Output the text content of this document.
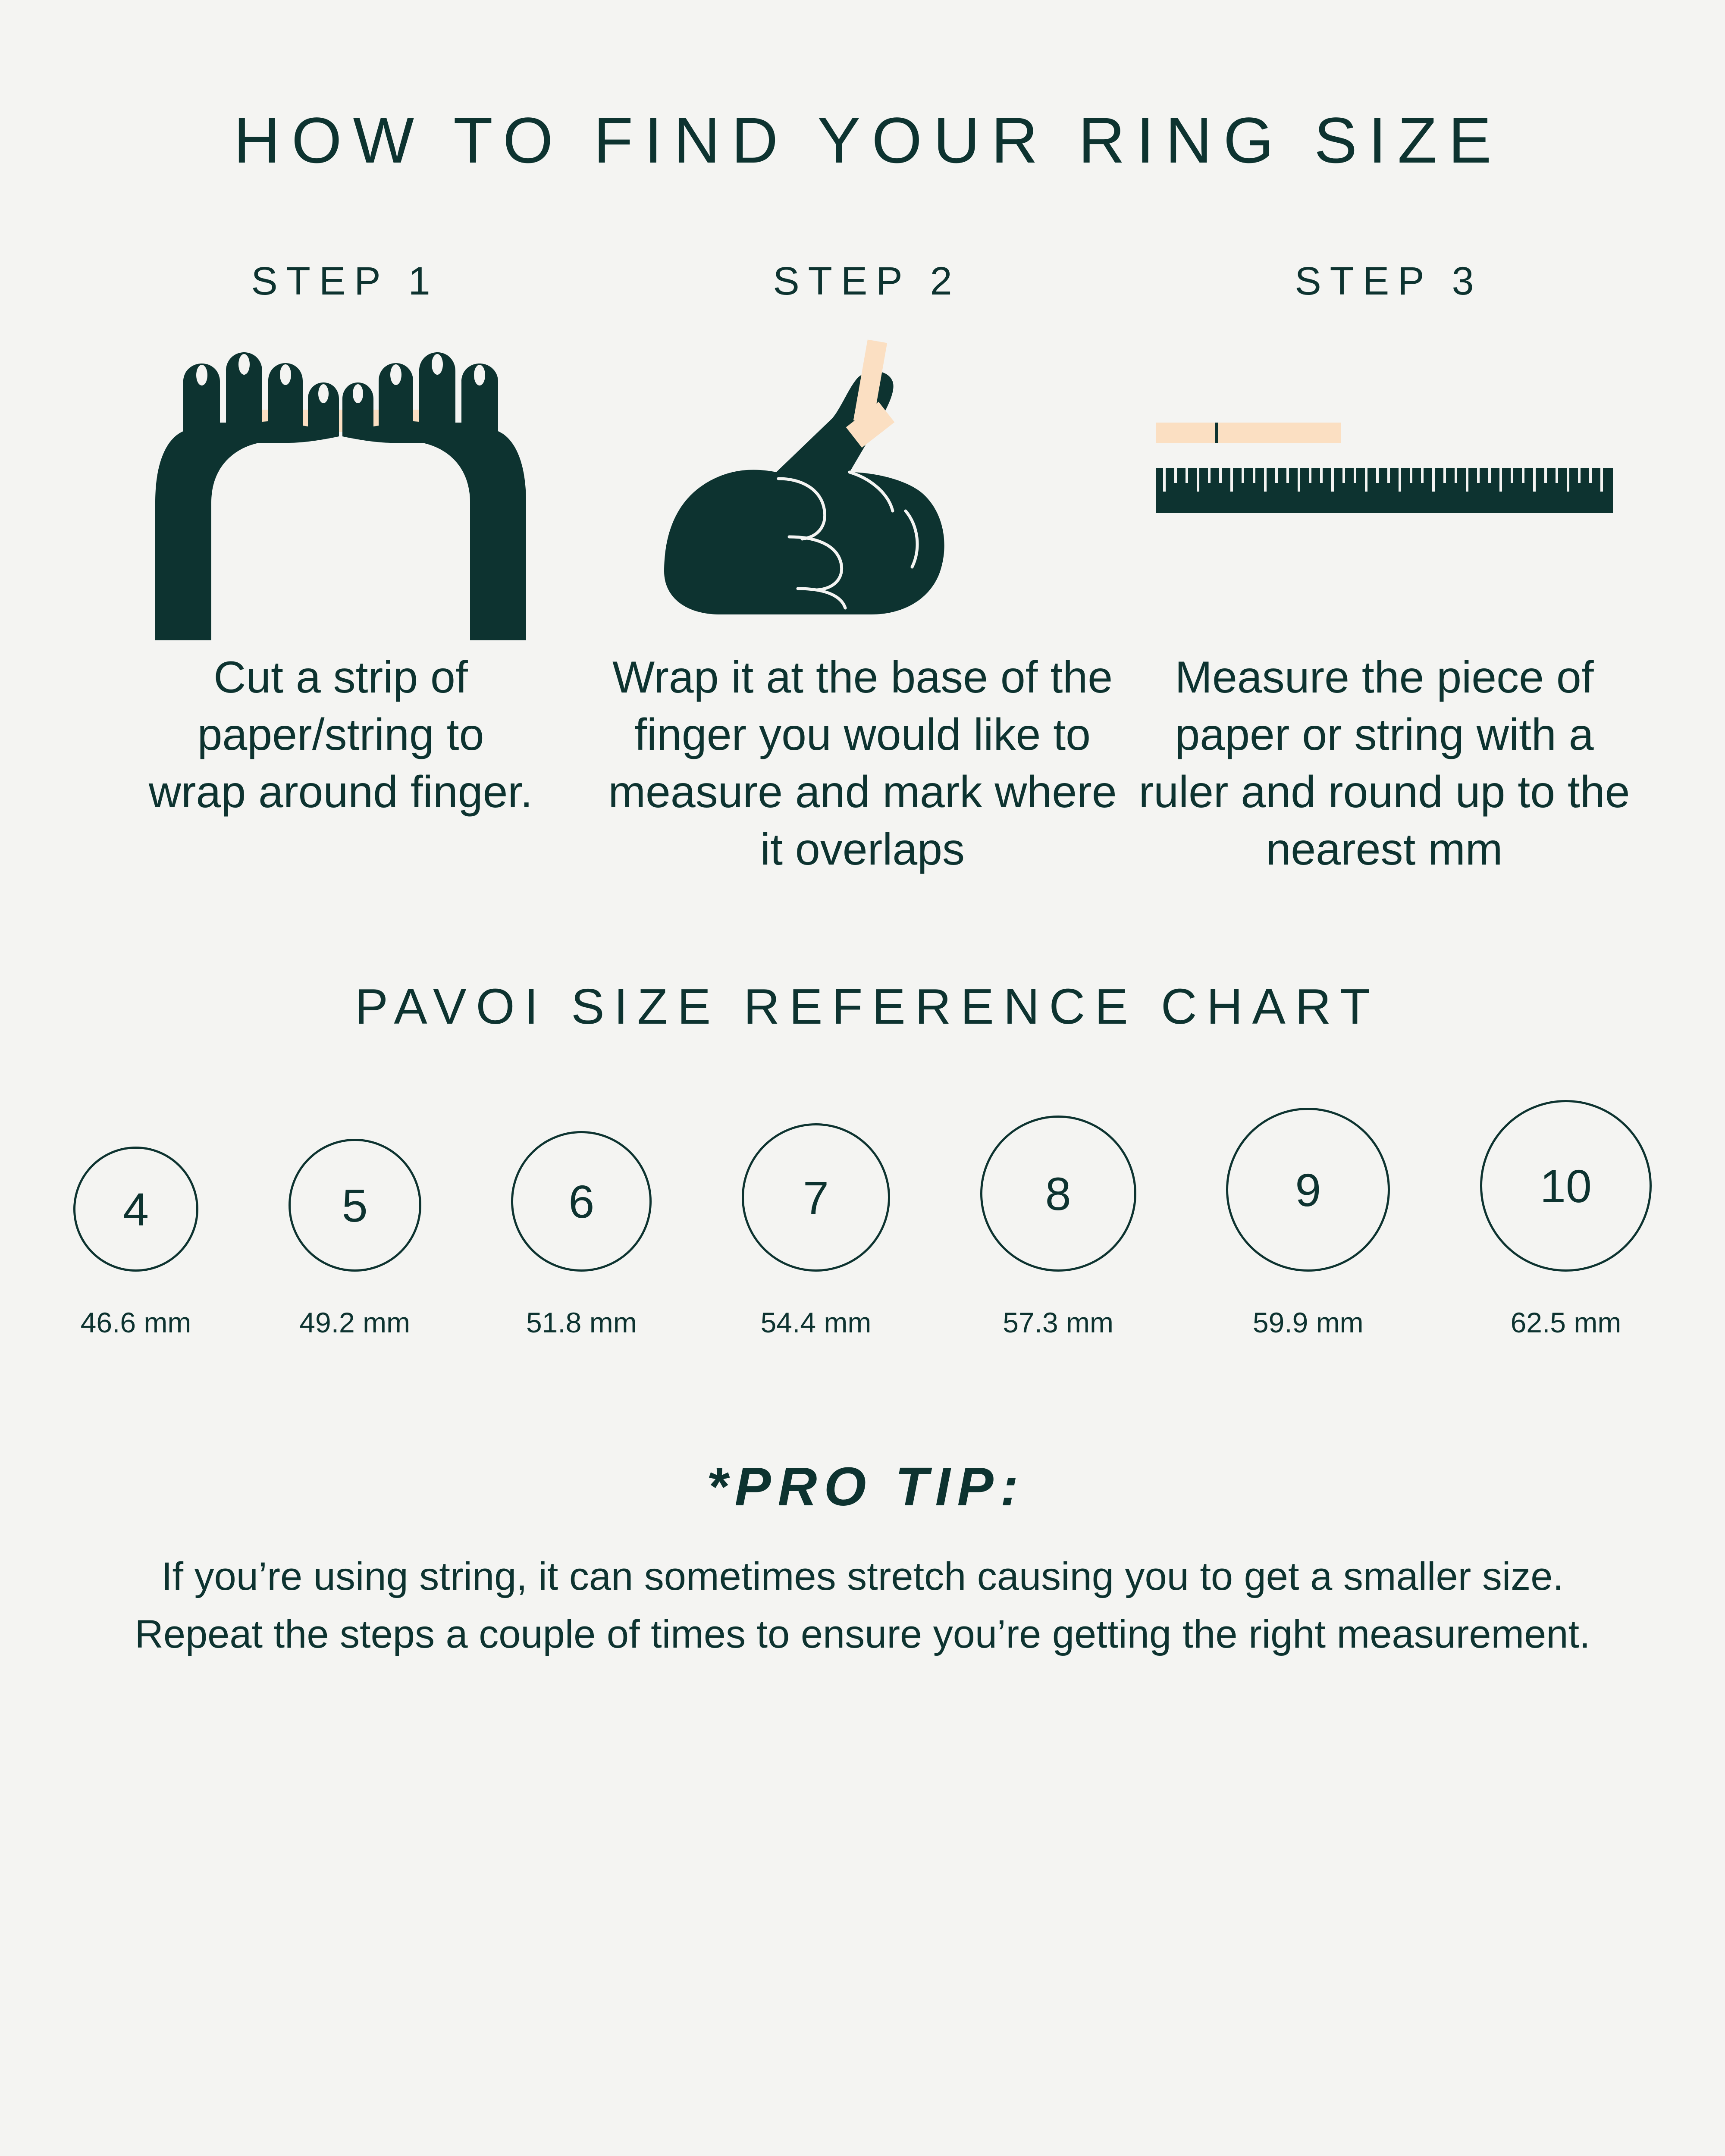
HOW TO FIND YOUR RING SIZE
STEP 1
Cut a strip of paper/string to wrap around finger.
STEP 2
Wrap it at the base of the finger you would like to measure and mark where it overlaps
STEP 3
Measure the piece of paper or string with a ruler and round up to the nearest mm
PAVOI SIZE REFERENCE CHART
4
46.6 mm
5
49.2 mm
6
51.8 mm
7
54.4 mm
8
57.3 mm
9
59.9 mm
10
62.5 mm
*PRO TIP:
If you’re using string, it can sometimes stretch causing you to get a smaller size. Repeat the steps a couple of times to ensure you’re getting the right measurement.
